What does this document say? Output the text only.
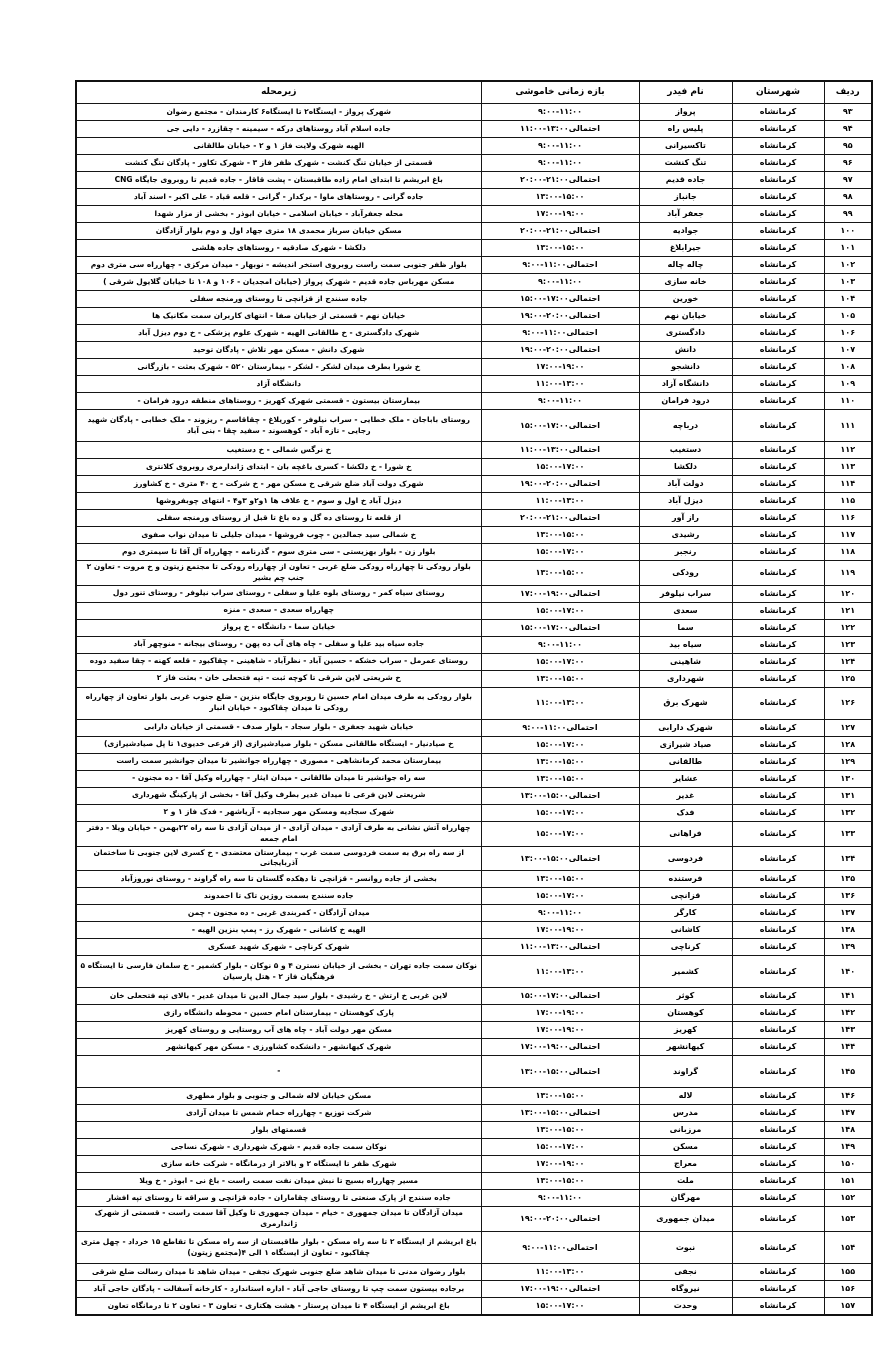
ردیف	شهرستان	نام فیدر	بازه زمانی خاموشی	زیرمحله
۹۳	کرمانشاه	پرواز	۹:۰۰-۱۱:۰۰	شهرک پرواز - ایستگاه۲ تا ایستگاه۶ کارمندان - مجتمع رضوان
۹۴	کرمانشاه	پلیس راه	۱۱:۰۰-۱۳:۰۰احتمالی	جاده اسلام آباد روستاهای درکه - سیمینه - چقازرد - دایی جی
۹۵	کرمانشاه	تاکسیرانی	۹:۰۰-۱۱:۰۰	الهیه شهرک ولایت فاز ۱ و ۲ - خیابان طالقانی
۹۶	کرمانشاه	تنگ کنشت	۹:۰۰-۱۱:۰۰	قسمتی از خیابان تنگ کنشت - شهرک ظفر فاز ۳ - شهرک تکاور - پادگان تنگ کنشت
۹۷	کرمانشاه	جاده قدیم	۲۰:۰۰-۲۱:۰۰احتمالی	باغ ابریشم تا ابتدای امام زاده طاقبستان - پشت قاقار - جاده قدیم تا روبروی جایگاه CNG
۹۸	کرمانشاه	جانباز	۱۳:۰۰-۱۵:۰۰	جاده گرانی - روستاهای ماوا - برکدار - گرانی - قلعه قباد - علی اکبر - اسند آباد
۹۹	کرمانشاه	جعفر آباد	۱۷:۰۰-۱۹:۰۰	محله جعفرآباد - خیابان اسلامی - خیابان ابوذر - بخشی از مزار شهدا
۱۰۰	کرمانشاه	جوادیه	۲۰:۰۰-۲۱:۰۰احتمالی	مسکن خیابان سرباز محمدی ۱۸ متری جهاد اول و دوم بلوار آزادگان
۱۰۱	کرمانشاه	جیرابلاغ	۱۳:۰۰-۱۵:۰۰	دلکشا - شهرک صادقیه - روستاهای جاده هلشی
۱۰۲	کرمانشاه	چاله چاله	۹:۰۰-۱۱:۰۰احتمالی	بلوار ظفر جنوبی سمت راست روبروی استخر اندیشه - نوبهار - میدان مرکزی - چهارراه سی متری دوم
۱۰۳	کرمانشاه	خانه سازی	۹:۰۰-۱۱:۰۰	مسکن مهرباس جاده قدیم - شهرک پرواز (خیابان امجدیان - ۱۰۶ و ۱۰۸ تا خیابان گلایول شرقی )
۱۰۴	کرمانشاه	خورین	۱۵:۰۰-۱۷:۰۰احتمالی	جاده سنندج از قزانچی تا روستای ورمنجه سفلی
۱۰۵	کرمانشاه	خیابان نهم	۱۹:۰۰-۲۰:۰۰احتمالی	خیابان نهم - قسمتی از خیابان صفا - انتهای کاربران سمت مکانیک ها
۱۰۶	کرمانشاه	دادگستری	۹:۰۰-۱۱:۰۰احتمالی	شهرک دادگستری - خ طالقانی الهیه - شهرک علوم پزشکی - خ دوم دیزل آباد
۱۰۷	کرمانشاه	دانش	۱۹:۰۰-۲۰:۰۰احتمالی	شهرک دانش - مسکن مهر تلاش - پادگان توحید
۱۰۸	کرمانشاه	دانشجو	۱۷:۰۰-۱۹:۰۰	خ شورا بطرف میدان لشکر - لشکر - بیمارستان ۵۲۰ - شهرک بعثت - بازرگانی
۱۰۹	کرمانشاه	دانشگاه آزاد	۱۱:۰۰-۱۳:۰۰	دانشگاه آزاد
۱۱۰	کرمانشاه	درود فرامان	۹:۰۰-۱۱:۰۰	بیمارستان بیستون - قسمتی شهرک کهریز - روستاهای منطقه درود فرامان -
۱۱۱	کرمانشاه	درباچه	۱۵:۰۰-۱۷:۰۰احتمالی	روستای باباجان - ملک خطایی - سراب نیلوفر - کوریلاغ - چقاقاسم - ریزوند - ملک خطابی - پادگان شهید رجایی - تازه آباد - کوهسوند - سفید چقا - بنی آباد
۱۱۲	کرمانشاه	دستغیب	۱۱:۰۰-۱۳:۰۰احتمالی	خ نرگس شمالی - خ دستغیب
۱۱۳	کرمانشاه	دلکشا	۱۵:۰۰-۱۷:۰۰	خ شورا - خ دلکشا - کسری باغچه بان - ابتدای ژاندارمری روبروی کلانتری
۱۱۴	کرمانشاه	دولت آباد	۱۹:۰۰-۲۰:۰۰احتمالی	شهرک دولت آباد ضلع شرقی خ مسکن مهر - خ شرکت - خ ۴۰ متری - خ کشاورز
۱۱۵	کرمانشاه	دیزل آباد	۱۱:۰۰-۱۳:۰۰	دیزل آباد خ اول و سوم - خ علاف ها ۱و۲و ۳و۴ - انتهای چوبفروشها
۱۱۶	کرمانشاه	راز آور	۲۰:۰۰-۲۱:۰۰احتمالی	از قلعه تا روستای ده گل و ده باغ تا قبل از روستای ورمنجه سفلی
۱۱۷	کرمانشاه	رشیدی	۱۳:۰۰-۱۵:۰۰	خ شمالی سید جمالدین - چوب فروشها - میدان جلیلی تا میدان نواب صفوی
۱۱۸	کرمانشاه	رنجبر	۱۵:۰۰-۱۷:۰۰	بلوار زن - بلوار بهزیستی - سی متری سوم - گذرنامه - چهارراه آل آقا تا سیمتری دوم
۱۱۹	کرمانشاه	رودکی	۱۳:۰۰-۱۵:۰۰	بلوار رودکی تا چهارراه رودکی ضلع غربی - تعاون از چهارراه رودکی تا مجتمع زیتون و خ مروت - تعاون ۲ جنب چم بشیر
۱۲۰	کرمانشاه	سراب نیلوفر	۱۷:۰۰-۱۹:۰۰احتمالی	روستای سیاه کمر - روستای بلوه علیا و سفلی - روستای سراب نیلوفر - روستای تنور دول
۱۲۱	کرمانشاه	سعدی	۱۵:۰۰-۱۷:۰۰	چهارراه سعدی - سعدی - منزه
۱۲۲	کرمانشاه	سما	۱۵:۰۰-۱۷:۰۰احتمالی	خیابان سما - دانشگاه - خ پرواز
۱۲۳	کرمانشاه	سیاه بید	۹:۰۰-۱۱:۰۰	جاده سیاه بید علیا و سفلی - چاه های آب ده پهن - روستای بیجانه - منوچهر آباد
۱۲۴	کرمانشاه	شاهینی	۱۵:۰۰-۱۷:۰۰	روستای عمرمل - سراب خشکه - حسین آباد - نظرآباد - شاهینی - چقاکبود - قلعه کهنه - چقا سفید دوده
۱۲۵	کرمانشاه	شهرداری	۱۳:۰۰-۱۵:۰۰	خ شریعتی لاین شرقی تا کوچه ثبت - تپه فتحعلی خان - بعثت فاز ۲
۱۲۶	کرمانشاه	شهرک برق	۱۱:۰۰-۱۳:۰۰	بلوار رودکی به طرف میدان امام حسین تا روبروی جایگاه بنزین - ضلع جنوب غربی بلوار تعاون از چهارراه رودکی تا میدان چقاکبود - خیابان انبار
۱۲۷	کرمانشاه	شهرک دارابی	۹:۰۰-۱۱:۰۰احتمالی	خیابان شهید جعفری - بلوار سجاد - بلوار صدف - قسمتی از خیابان دارابی
۱۲۸	کرمانشاه	صیاد شیرازی	۱۵:۰۰-۱۷:۰۰	خ صیادنیار - ایستگاه طالقانی مسکن - بلوار صیادشیرازی (از فرعی خدیوی۱ تا پل صیادشیرازی)
۱۲۹	کرمانشاه	طالقانی	۱۳:۰۰-۱۵:۰۰	بیمارستان محمد کرمانشاهی - مصوری - چهارراه جوانشیر تا میدان جوانشیر سمت راست
۱۳۰	کرمانشاه	عشایر	۱۳:۰۰-۱۵:۰۰	سه راه جوانشیر تا میدان طالقانی - میدان ایثار - چهارراه وکیل آقا - ده مجنون -
۱۳۱	کرمانشاه	غدیر	۱۳:۰۰-۱۵:۰۰احتمالی	شریعتی لاین فرعی تا میدان غدیر بطرف وکیل آقا - بخشی از پارکینگ شهرداری
۱۳۲	کرمانشاه	فدک	۱۵:۰۰-۱۷:۰۰	شهرک سجادیه ومسکن مهر سجادیه - آریاشهر - فدک فاز ۱ و ۲
۱۳۳	کرمانشاه	فراهانی	۱۵:۰۰-۱۷:۰۰	چهارراه آتش نشانی به طرف آزادی - میدان آزادی - از میدان آزادی تا سه راه ۲۲بهمن - خیابان ویلا - دفتر امام جمعه
۱۳۴	کرمانشاه	فردوسی	۱۳:۰۰-۱۵:۰۰احتمالی	از سه راه برق به سمت فردوسی سمت غرب - بیمارستان معتضدی - خ کسری لاین جنوبی تا ساختمان آذربایجانی
۱۳۵	کرمانشاه	فرستنده	۱۳:۰۰-۱۵:۰۰	بخشی از جاده روانسر - قزانچی تا دهکده گلستان تا سه راه گراوند - روستای نوروزآباد
۱۳۶	کرمانشاه	قزانچی	۱۵:۰۰-۱۷:۰۰	جاده سنندج بسمت روژین تاک تا احمدوند
۱۳۷	کرمانشاه	کارگر	۹:۰۰-۱۱:۰۰	میدان آزادگان - کمربندی غربی - ده مجنون - چمن
۱۳۸	کرمانشاه	کاشانی	۱۷:۰۰-۱۹:۰۰	الهیه خ کاشانی - شهرک رز - پمپ بنزین الهیه -
۱۳۹	کرمانشاه	کرناچی	۱۱:۰۰-۱۳:۰۰احتمالی	شهرک کرناچی - شهرک شهید عسکری
۱۴۰	کرمانشاه	کشمیر	۱۱:۰۰-۱۳:۰۰	نوکان سمت جاده تهران - بخشی از خیابان نسترن ۴ و ۵ نوکان - بلوار کشمیر - خ سلمان فارسی تا ایستگاه ۵ فرهنگیان فاز ۲ - هتل پارسیان
۱۴۱	کرمانشاه	کوثر	۱۵:۰۰-۱۷:۰۰احتمالی	لاین غربی خ ارتش - خ رشیدی - بلوار سید جمال الدین تا میدان غدیر - بالای تپه فتحعلی خان
۱۴۲	کرمانشاه	کوهستان	۱۷:۰۰-۱۹:۰۰	پارک کوهستان - بیمارستان امام حسین - محوطه دانشگاه رازی
۱۴۳	کرمانشاه	کهریز	۱۷:۰۰-۱۹:۰۰	مسکن مهر دولت آباد - چاه های آب روستایی و روستای کهریز
۱۴۴	کرمانشاه	کیهانشهر	۱۷:۰۰-۱۹:۰۰احتمالی	شهرک کیهانشهر - دانشکده کشاورزی - مسکن مهر کیهانشهر
۱۴۵	کرمانشاه	گراوند	۱۳:۰۰-۱۵:۰۰احتمالی	-
۱۴۶	کرمانشاه	لاله	۱۳:۰۰-۱۵:۰۰	مسکن خیابان لاله شمالی و جنوبی و بلوار مطهری
۱۴۷	کرمانشاه	مدرس	۱۳:۰۰-۱۵:۰۰احتمالی	شرکت توزیع - چهارراه حمام شمس تا میدان آزادی
۱۴۸	کرمانشاه	مرزبانی	۱۳:۰۰-۱۵:۰۰	قسمتهای بلوار
۱۴۹	کرمانشاه	مسکن	۱۵:۰۰-۱۷:۰۰	نوکان سمت جاده قدیم - شهرک شهرداری - شهرک نساجی
۱۵۰	کرمانشاه	معراج	۱۷:۰۰-۱۹:۰۰	شهرک ظفر تا ایستگاه ۲ و بالاتر از درمانگاه - شرکت خانه سازی
۱۵۱	کرمانشاه	ملت	۱۳:۰۰-۱۵:۰۰	مسیر چهارراه بسیج تا نبش میدان نفت سمت راست - باغ نی - ابوذر - خ ویلا
۱۵۲	کرمانشاه	مهرگان	۹:۰۰-۱۱:۰۰	جاده سنندج از پارک صنعتی تا روستای چقاماران - جاده قزانچی و سراقه تا روستای تپه افشار
۱۵۳	کرمانشاه	میدان جمهوری	۱۹:۰۰-۲۰:۰۰احتمالی	میدان آزادگان تا میدان جمهوری - خیام - میدان جمهوری تا وکیل آقا سمت راست - قسمتی از شهرک ژاندارمری
۱۵۴	کرمانشاه	نبوت	۹:۰۰-۱۱:۰۰احتمالی	باغ ابریشم از ایستگاه ۲ تا سه راه مسکن - بلوار طاقبستان از سه راه مسکن تا تقاطع ۱۵ خرداد - چهل متری چقاکبود - تعاون از ایستگاه ۱ الی ۴(مجتمع زیتون)
۱۵۵	کرمانشاه	نجفی	۱۱:۰۰-۱۳:۰۰	بلوار رضوان مدنی تا میدان شاهد ضلع جنوبی شهرک نجفی - میدان شاهد تا میدان رسالت ضلع شرقی
۱۵۶	کرمانشاه	نیروگاه	۱۷:۰۰-۱۹:۰۰احتمالی	برجاده بیستون سمت چپ تا روستای حاجی آباد - اداره استاندارد - کارخانه آسفالت - پادگان حاجی آباد
۱۵۷	کرمانشاه	وحدت	۱۵:۰۰-۱۷:۰۰	باغ ابریشم از ایستگاه ۴ تا میدان پرستار - هشت هکتاری - تعاون ۳ - تعاون ۲ تا درمانگاه تعاون
